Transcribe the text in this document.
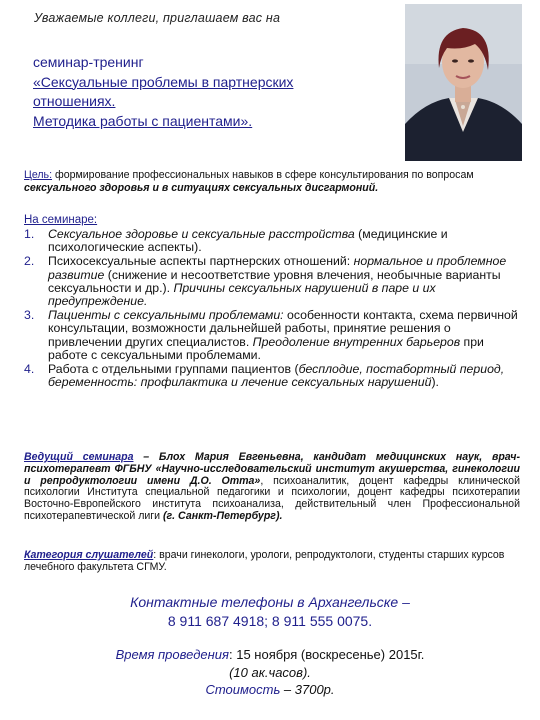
Уважаемые коллеги, приглашаем вас на
семинар-тренинг
«Сексуальные проблемы в партнерских
отношениях.
Методика работы с пациентами».
Цель: формирование профессиональных навыков в сфере консультирования по вопросам сексуального здоровья и в ситуациях сексуальных дисгармоний.
На семинаре:
1. Сексуальное здоровье и сексуальные расстройства (медицинские и психологические аспекты).
2. Психосексуальные аспекты партнерских отношений: нормальное и проблемное развитие (снижение и несоответствие уровня влечения, необычные варианты сексуальности и др.). Причины сексуальных нарушений в паре и их предупреждение.
3. Пациенты с сексуальными проблемами: особенности контакта, схема первичной консультации, возможности дальнейшей работы, принятие решения о привлечении других специалистов. Преодоление внутренних барьеров при работе с сексуальными проблемами.
4. Работа с отдельными группами пациентов (бесплодие, постабортный период, беременность: профилактика и лечение сексуальных нарушений).
Ведущий семинара – Блох Мария Евгеньевна, кандидат медицинских наук, врач-психотерапевт ФГБНУ «Научно-исследовательский институт акушерства, гинекологии и репродуктологии имени Д.О. Отта», психоаналитик, доцент кафедры клинической психологии Института специальной педагогики и психологии, доцент кафедры психотерапии Восточно-Европейского института психоанализа, действительный член Профессиональной психотерапевтической лиги (г. Санкт-Петербург).
Категория слушателей: врачи гинекологи, урологи, репродуктологи, студенты старших курсов лечебного факультета СГМУ.
Контактные телефоны в Архангельске –
8 911 687 4918; 8 911 555 0075.
Время проведения: 15 ноября (воскресенье) 2015г.
(10 ак.часов).
Стоимость – 3700р.
